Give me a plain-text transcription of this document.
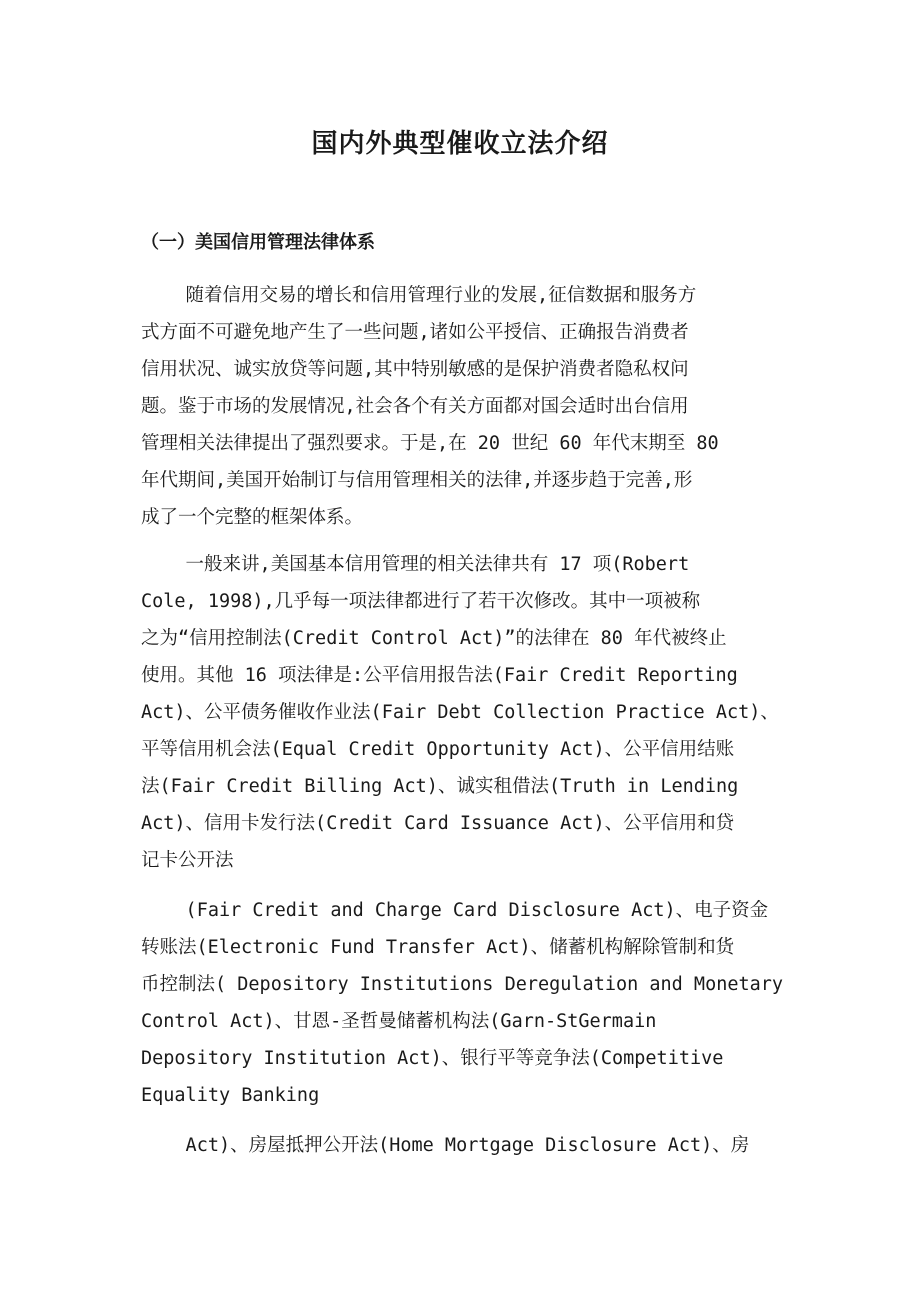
国内外典型催收立法介绍
（一）美国信用管理法律体系
随着信用交易的增长和信用管理行业的发展,征信数据和服务方
式方面不可避免地产生了一些问题,诸如公平授信、正确报告消费者
信用状况、诚实放贷等问题,其中特别敏感的是保护消费者隐私权问
题。鉴于市场的发展情况,社会各个有关方面都对国会适时出台信用
管理相关法律提出了强烈要求。于是,在 20 世纪 60 年代末期至 80
年代期间,美国开始制订与信用管理相关的法律,并逐步趋于完善,形
成了一个完整的框架体系。
一般来讲,美国基本信用管理的相关法律共有 17 项(Robert
Cole, 1998),几乎每一项法律都进行了若干次修改。其中一项被称
之为“信用控制法(Credit Control Act)”的法律在 80 年代被终止
使用。其他 16 项法律是:公平信用报告法(Fair Credit Reporting
Act)、公平债务催收作业法(Fair Debt Collection Practice Act)、
平等信用机会法(Equal Credit Opportunity Act)、公平信用结账
法(Fair Credit Billing Act)、诚实租借法(Truth in Lending
Act)、信用卡发行法(Credit Card Issuance Act)、公平信用和贷
记卡公开法
(Fair Credit and Charge Card Disclosure Act)、电子资金
转账法(Electronic Fund Transfer Act)、储蓄机构解除管制和货
币控制法( Depository Institutions Deregulation and Monetary
Control Act)、甘恩-圣哲曼储蓄机构法(Garn-StGermain
Depository Institution Act)、银行平等竞争法(Competitive
Equality Banking
Act)、房屋抵押公开法(Home Mortgage Disclosure Act)、房
